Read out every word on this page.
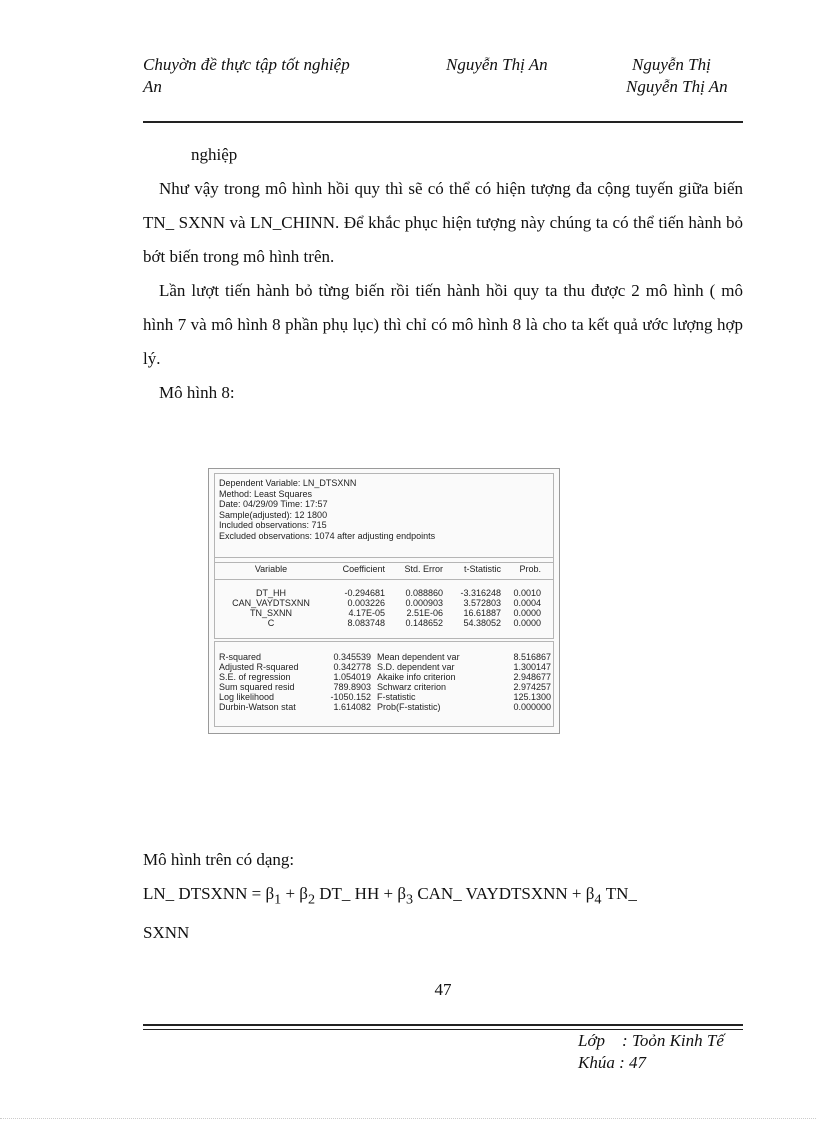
Chuyờn đề thực tập tốt nghiệp
An
Nguyễn Thị An	Nguyễn Thị
Nguyễn Thị An

nghiệp

Như vậy trong mô hình hồi quy thì sẽ có thể có hiện tượng đa cộng tuyến giữa biến TN_ SXNN và LN_CHINN. Để khắc phục hiện tượng này chúng ta có thể tiến hành bỏ bớt biến trong mô hình trên.

Lần lượt tiến hành bỏ từng biến rồi tiến hành hồi quy ta thu được 2 mô hình ( mô hình 7 và mô hình 8 phần phụ lục) thì chỉ có mô hình 8 là cho ta kết quả ước lượng hợp lý.

Mô hình 8:

Dependent Variable: LN_DTSXNN
Method: Least Squares
Date: 04/29/09 Time: 17:57
Sample(adjusted): 12 1800
Included observations: 715
Excluded observations: 1074 after adjusting endpoints
Variable	Coefficient	Std. Error	t-Statistic	Prob.
DT_HH	-0.294681	0.088860	-3.316248	0.0010
CAN_VAYDTSXNN	0.003226	0.000903	3.572803	0.0004
TN_SXNN	4.17E-05	2.51E-06	16.61887	0.0000
C	8.083748	0.148652	54.38052	0.0000
R-squared	0.345539 Mean dependent var	8.516867
Adjusted R-squared	0.342778 S.D. dependent var	1.300147
S.E. of regression	1.054019 Akaike info criterion	2.948677
Sum squared resid	789.8903 Schwarz criterion	2.974257
Log likelihood	-1050.152 F-statistic	125.1300
Durbin-Watson stat	1.614082 Prob(F-statistic)	0.000000

Mô hình trên có dạng:

LN_ DTSXNN = $\beta_1 + \beta_2$ DT_ HH + $\beta_3$ CAN_ VAYDTSXNN + $\beta_4$ TN_

SXNN

47
Lớp    : Toỏn Kinh Tế
Khúa : 47
